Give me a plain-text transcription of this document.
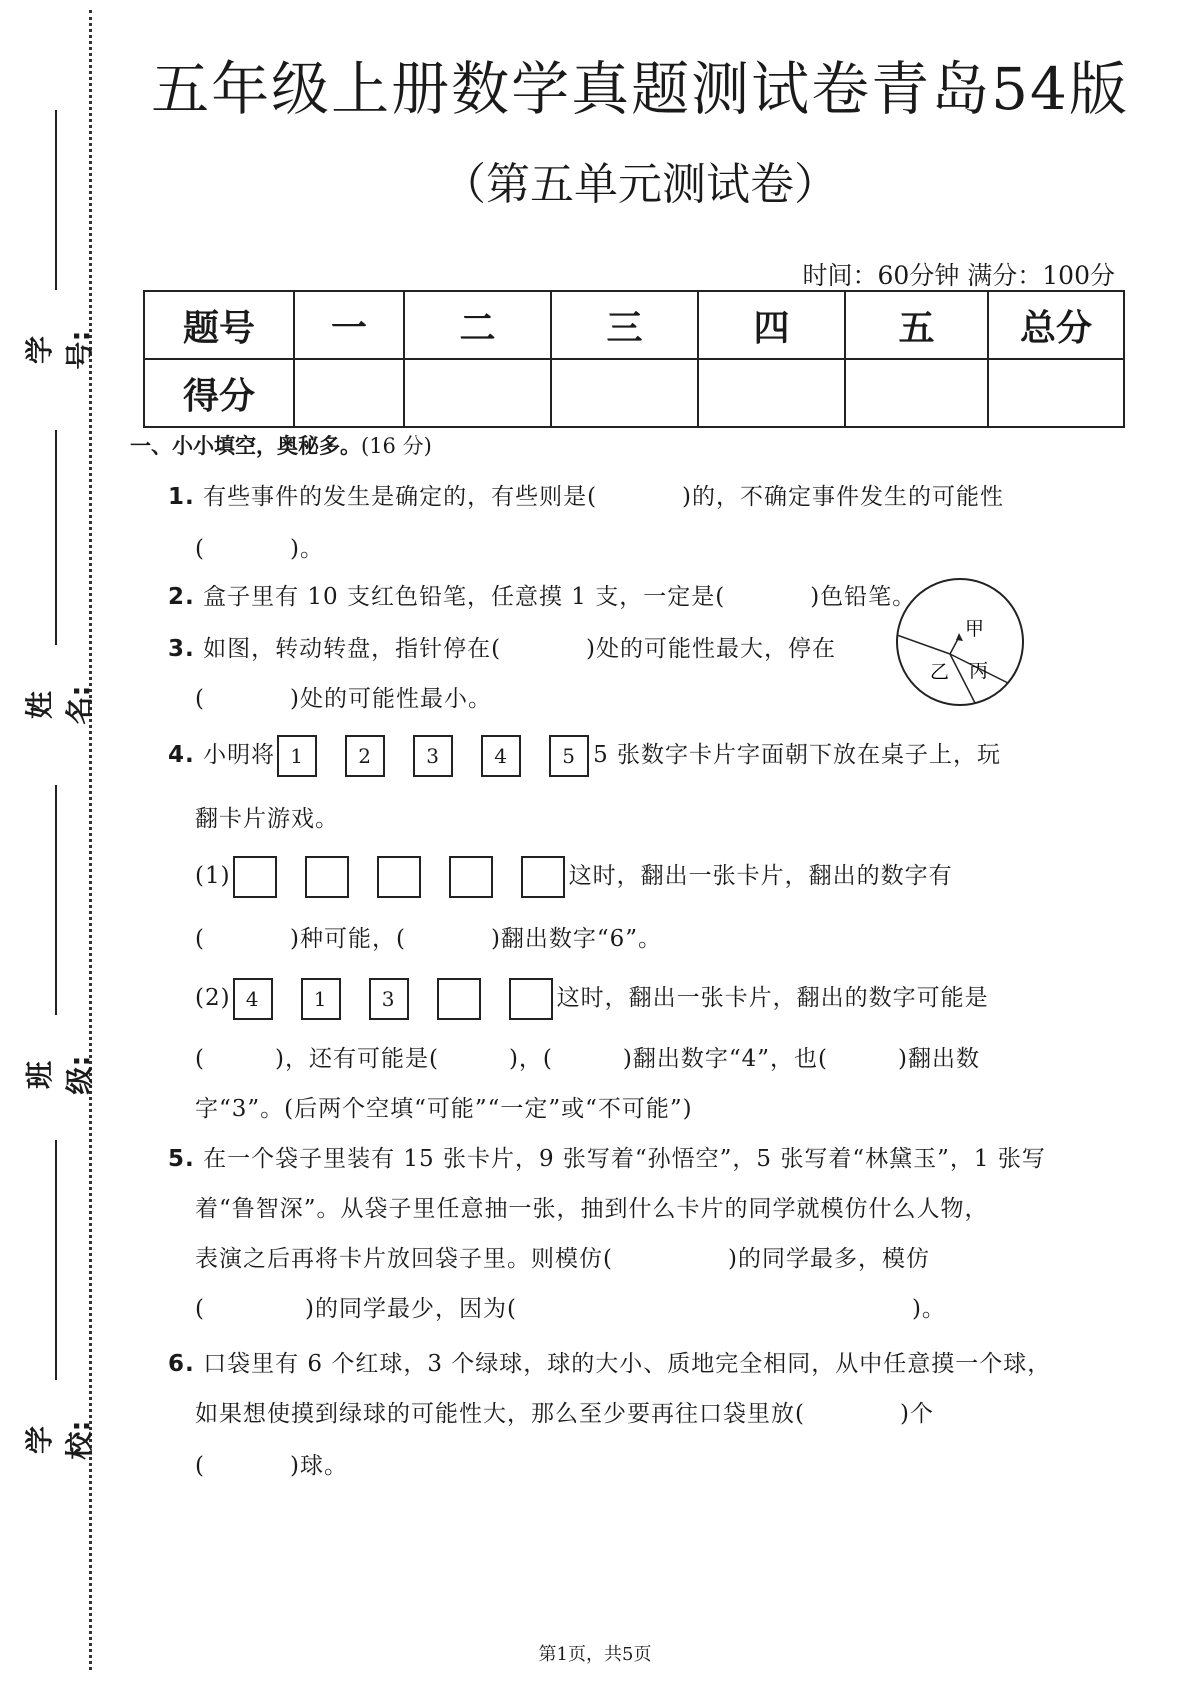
学号:
姓名:
班级:
学校:
五年级上册数学真题测试卷青岛54版
（第五单元测试卷）
时间：60分钟 满分：100分
题号	一	二	三	四	五	总分
得分						
一、小小填空，奥秘多。(16 分)
1. 有些事件的发生是确定的，有些则是(	)的，不确定事件发生的可能性
(	)。
2. 盒子里有 10 支红色铅笔，任意摸 1 支，一定是(	)色铅笔。
3. 如图，转动转盘，指针停在(	)处的可能性最大，停在
(	)处的可能性最小。
甲
乙 丙
4. 小明将 1	2	3	4	5 5 张数字卡片字面朝下放在桌子上，玩
翻卡片游戏。
(1)	这时，翻出一张卡片，翻出的数字有
(	)种可能，(	)翻出数字“6”。
(2) 4	1	3	这时，翻出一张卡片，翻出的数字可能是
(	)，还有可能是(	)，(	)翻出数字“4”，也(	)翻出数
字“3”。(后两个空填“可能”“一定”或“不可能”)
5. 在一个袋子里装有 15 张卡片，9 张写着“孙悟空”，5 张写着“林黛玉”，1 张写
着“鲁智深”。从袋子里任意抽一张，抽到什么卡片的同学就模仿什么人物，
表演之后再将卡片放回袋子里。则模仿(	)的同学最多，模仿
(	)的同学最少，因为(	)。
6. 口袋里有 6 个红球，3 个绿球，球的大小、质地完全相同，从中任意摸一个球，
如果想使摸到绿球的可能性大，那么至少要再往口袋里放(	)个
(	)球。
第1页，共5页
